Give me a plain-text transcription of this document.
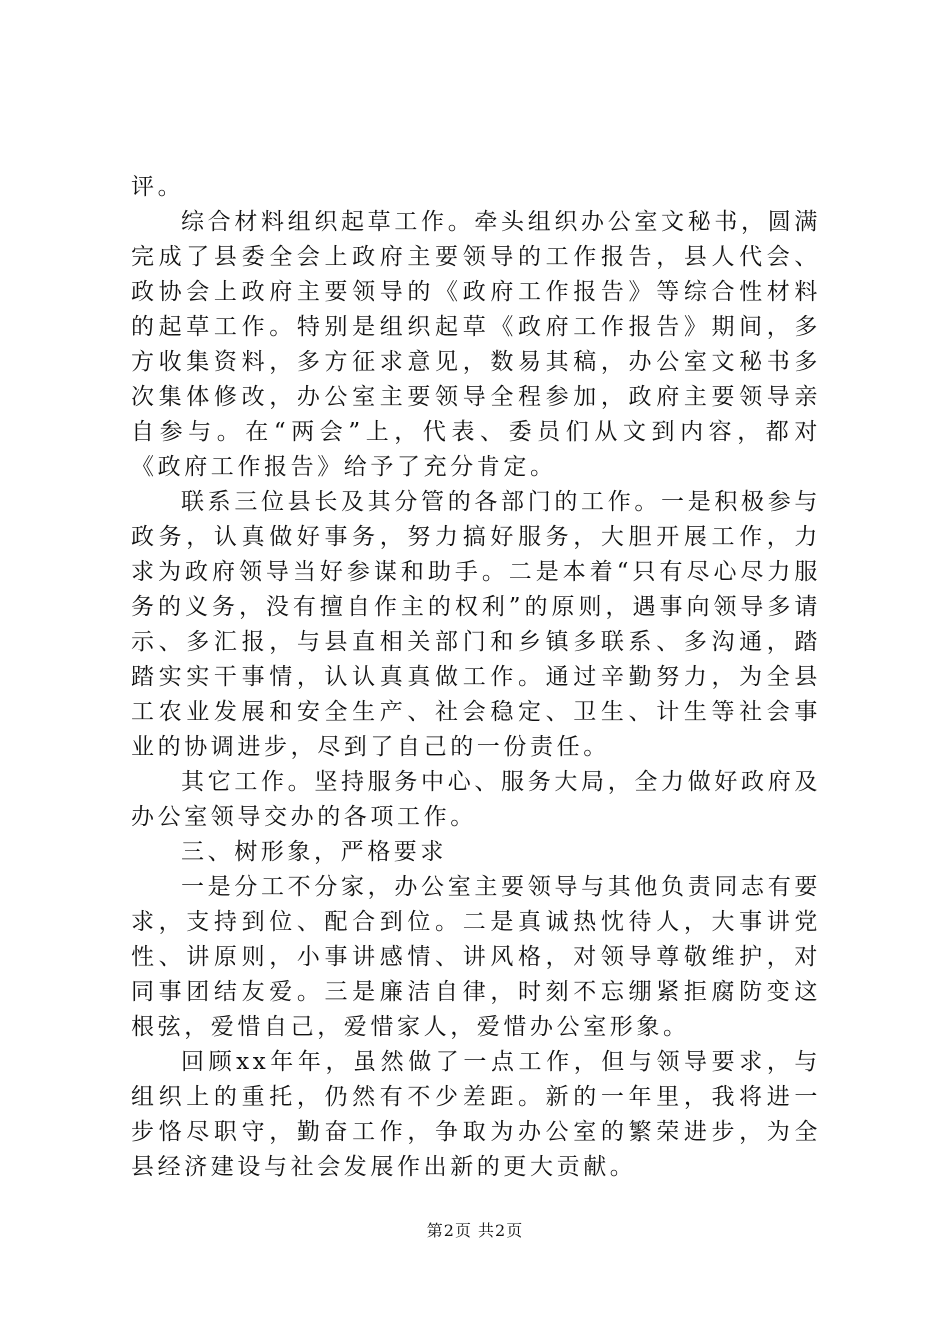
评。

综合材料组织起草工作。牵头组织办公室文秘书，圆满完成了县委全会上政府主要领导的工作报告，县人代会、政协会上政府主要领导的《政府工作报告》等综合性材料的起草工作。特别是组织起草《政府工作报告》期间，多方收集资料，多方征求意见，数易其稿，办公室文秘书多次集体修改，办公室主要领导全程参加，政府主要领导亲自参与。在“两会”上，代表、委员们从文到内容，都对《政府工作报告》给予了充分肯定。

联系三位县长及其分管的各部门的工作。一是积极参与政务，认真做好事务，努力搞好服务，大胆开展工作，力求为政府领导当好参谋和助手。二是本着“只有尽心尽力服务的义务，没有擅自作主的权利”的原则，遇事向领导多请示、多汇报，与县直相关部门和乡镇多联系、多沟通，踏踏实实干事情，认认真真做工作。通过辛勤努力，为全县工农业发展和安全生产、社会稳定、卫生、计生等社会事业的协调进步，尽到了自己的一份责任。

其它工作。坚持服务中心、服务大局，全力做好政府及办公室领导交办的各项工作。

三、树形象，严格要求

一是分工不分家，办公室主要领导与其他负责同志有要求，支持到位、配合到位。二是真诚热忱待人，大事讲党性、讲原则，小事讲感情、讲风格，对领导尊敬维护，对同事团结友爱。三是廉洁自律，时刻不忘绷紧拒腐防变这根弦，爱惜自己，爱惜家人，爱惜办公室形象。

回顾xx年年，虽然做了一点工作，但与领导要求，与组织上的重托，仍然有不少差距。新的一年里，我将进一步恪尽职守，勤奋工作，争取为办公室的繁荣进步，为全县经济建设与社会发展作出新的更大贡献。

第2页 共2页
